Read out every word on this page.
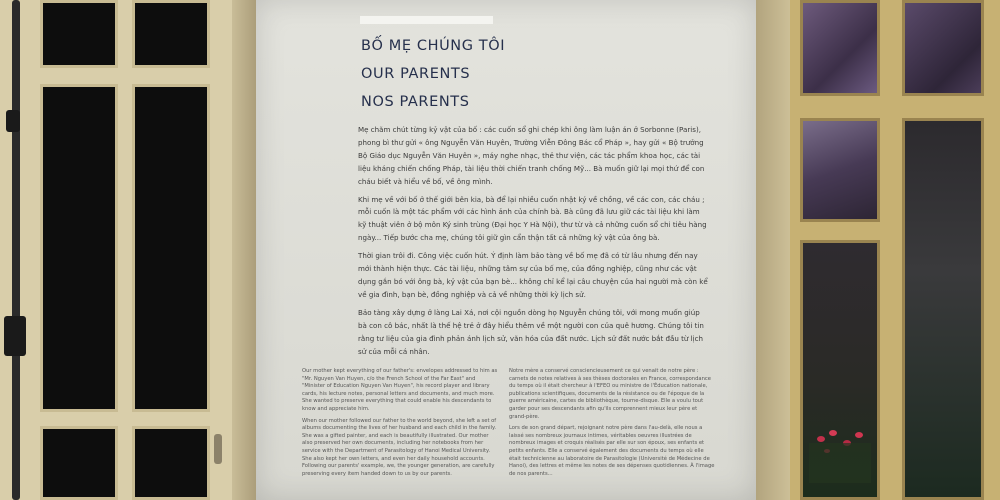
BỐ MẸ CHÚNG TÔI
OUR PARENTS
NOS PARENTS

Mẹ chăm chút từng kỷ vật của bố : các cuốn sổ ghi chép khi ông làm luận án ở Sorbonne (Paris), phong bì thư gửi « ông Nguyễn Văn Huyên, Trường Viễn Đông Bác cổ Pháp », hay gửi « Bộ trưởng Bộ Giáo dục Nguyễn Văn Huyên », máy nghe nhạc, thẻ thư viện, các tác phẩm khoa học, các tài liệu kháng chiến chống Pháp, tài liệu thời chiến tranh chống Mỹ... Bà muốn giữ lại mọi thứ để con cháu biết và hiểu về bố, về ông mình.

Khi mẹ về với bố ở thế giới bên kia, bà để lại nhiều cuốn nhật ký về chồng, về các con, các cháu ; mỗi cuốn là một tác phẩm với các hình ảnh của chính bà. Bà cũng đã lưu giữ các tài liệu khi làm kỹ thuật viên ở bộ môn Ký sinh trùng (Đại học Y Hà Nội), thư từ và cả những cuốn sổ chi tiêu hàng ngày... Tiếp bước cha mẹ, chúng tôi giữ gìn cẩn thận tất cả những kỷ vật của ông bà.

Thời gian trôi đi. Công việc cuốn hút. Ý định làm bảo tàng về bố mẹ đã có từ lâu nhưng đến nay mới thành hiện thực. Các tài liệu, những tâm sự của bố mẹ, của đồng nghiệp, cũng như các vật dụng gắn bó với ông bà, kỷ vật của bạn bè... không chỉ kể lại câu chuyện của hai người mà còn kể về gia đình, bạn bè, đồng nghiệp và cả về những thời kỳ lịch sử.

Bảo tàng xây dựng ở làng Lai Xá, nơi cội nguồn dòng họ Nguyễn chúng tôi, với mong muốn giúp bà con cô bác, nhất là thế hệ trẻ ở đây hiểu thêm về một người con của quê hương. Chúng tôi tin rằng tư liệu của gia đình phản ánh lịch sử, văn hóa của đất nước. Lịch sử đất nước bắt đầu từ lịch sử của mỗi cá nhân.

Our mother kept everything of our father's: envelopes addressed to him as "Mr. Nguyen Van Huyen, c/o the French School of the Far East" and "Minister of Education Nguyen Van Huyen", his record player and library cards, his lecture notes, personal letters and documents, and much more. She wanted to preserve everything that could enable his descendants to know and appreciate him.

When our mother followed our father to the world beyond, she left a set of albums documenting the lives of her husband and each child in the family. She was a gifted painter, and each is beautifully illustrated. Our mother also preserved her own documents, including her notebooks from her service with the Department of Parasitology of Hanoi Medical University. She also kept her own letters, and even her daily household accounts. Following our parents' example, we, the younger generation, are carefully preserving every item handed down to us by our parents.

Notre mère a conservé consciencieusement ce qui venait de notre père : carnets de notes relatives à ses thèses doctorales en France, correspondance du temps où il était chercheur à l'EFEO ou ministre de l'Éducation nationale, publications scientifiques, documents de la résistance ou de l'époque de la guerre américaine, cartes de bibliothèque, tourne-disque. Elle a voulu tout garder pour ses descendants afin qu'ils comprennent mieux leur père et grand-père.

Lors de son grand départ, rejoignant notre père dans l'au-delà, elle nous a laissé ses nombreux journaux intimes, véritables oeuvres illustrées de nombreux images et croquis réalisés par elle sur son époux, ses enfants et petits enfants. Elle a conservé également des documents du temps où elle était technicienne au laboratoire de Parasitologie (Université de Médecine de Hanoi), des lettres et même les notes de ses dépenses quotidiennes. À l'image de nos parents...
